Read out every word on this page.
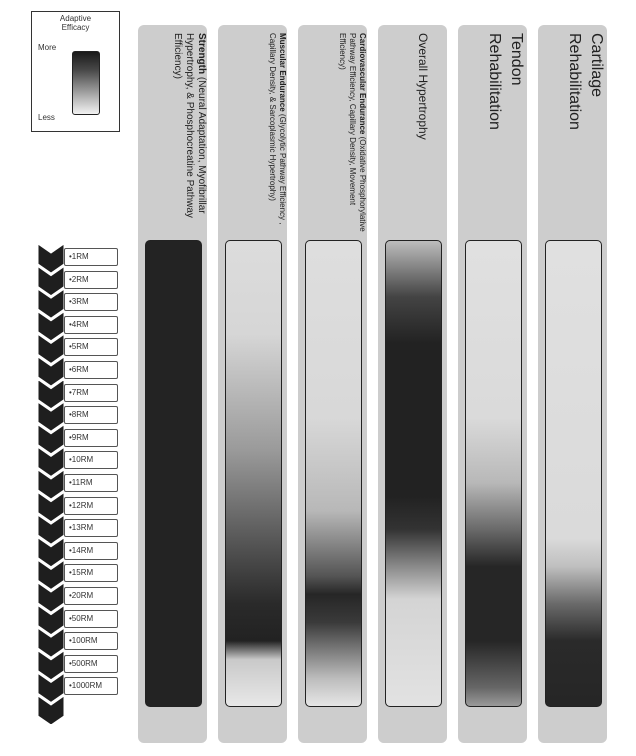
Adaptive
Efficacy
More
Less
•1RM
•2RM
•3RM
•4RM
•5RM
•6RM
•7RM
•8RM
•9RM
•10RM
•11RM
•12RM
•13RM
•14RM
•15RM
•20RM
•50RM
•100RM
•500RM
•1000RM
Strength (Neural Adaptation, Myofibrillar Hypertrophy, & Phosphocreatine Pathway Efficiency)	Muscular Endurance (Glycolytic Pathway Efficiency , Capillary Density, & Sarcoplasmic Hypertrophy)	Cardiovascular Endurance (Oxidative Phosphorylative Pathway Efficiency, Capillary Density, Movement Efficiency)	Overall Hypertrophy	Tendon Rehabilitation	Cartilage Rehabilitation
